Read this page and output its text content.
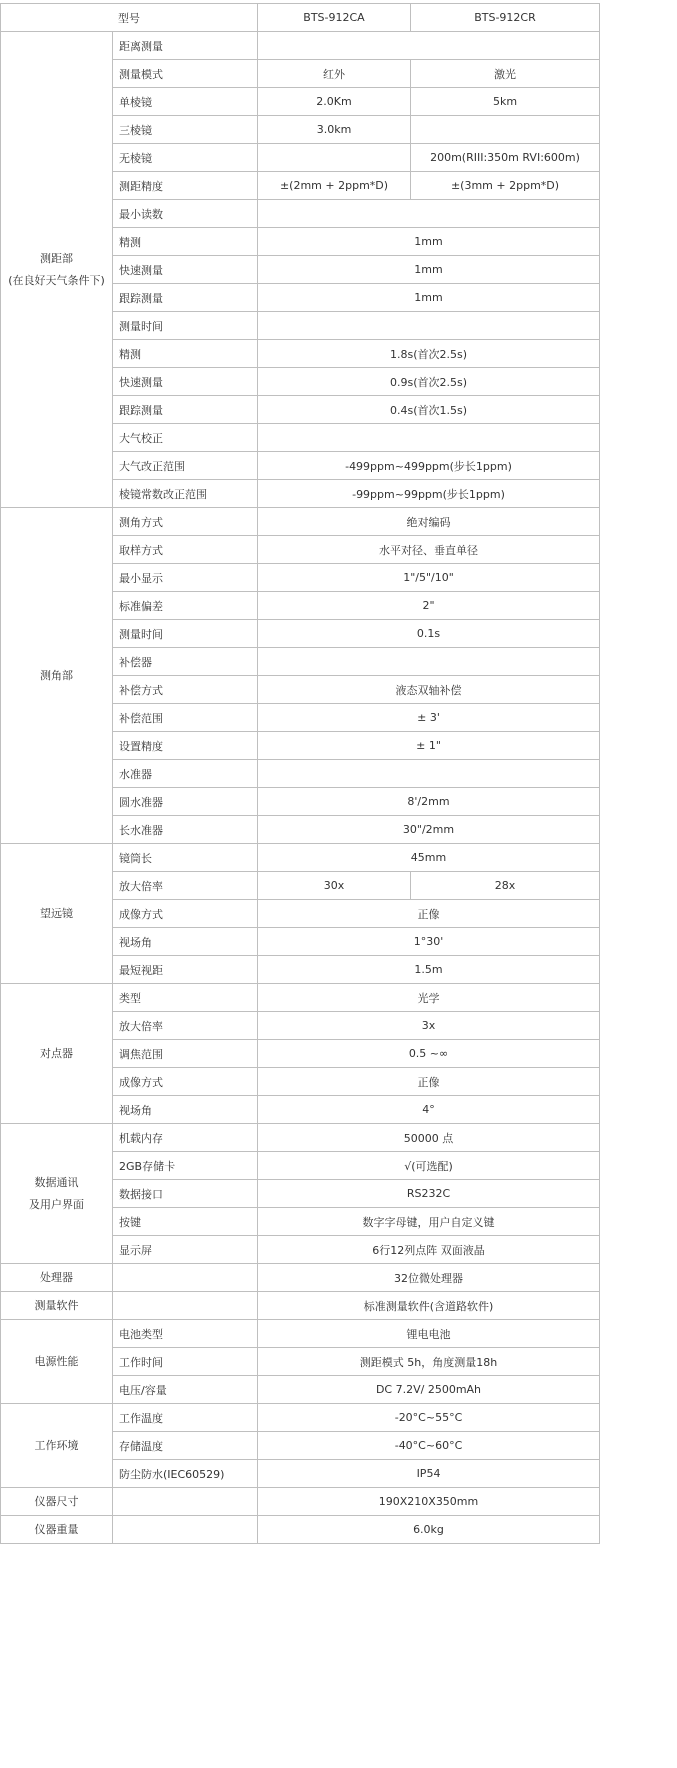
型号		BTS-912CA	BTS-912CR

测距部
(在良好天气条件下)	距离测量		
	测量模式	红外	激光
	单棱镜	2.0Km	5km
	三棱镜	3.0km	
	无棱镜		200m(RIII:350m RVI:600m)
	测距精度	±(2mm + 2ppm*D)	±(3mm + 2ppm*D)
	最小读数		
	精测	1mm	
	快速测量	1mm	
	跟踪测量	1mm	
	测量时间		
	精测	1.8s(首次2.5s)	
	快速测量	0.9s(首次2.5s)	
	跟踪测量	0.4s(首次1.5s)	
	大气校正		
	大气改正范围	-499ppm~499ppm(步长1ppm)	
	棱镜常数改正范围	-99ppm~99ppm(步长1ppm)	

测角部	测角方式	绝对编码	
	取样方式	水平对径、垂直单径	
	最小显示	1"/5"/10"	
	标准偏差	2"	
	测量时间	0.1s	
	补偿器		
	补偿方式	液态双轴补偿	
	补偿范围	± 3'	
	设置精度	± 1"	
	水准器		
	圆水准器	8'/2mm	
	长水准器	30"/2mm	

望远镜	镜筒长	45mm	
	放大倍率	30x	28x
	成像方式	正像	
	视场角	1°30'	
	最短视距	1.5m	

对点器	类型	光学	
	放大倍率	3x	
	调焦范围	0.5 ~∞	
	成像方式	正像	
	视场角	4°	

数据通讯
及用户界面	机载内存	50000 点	
	2GB存储卡	√(可选配)	
	数据接口	RS232C	
	按键	数字字母键，用户自定义键	
	显示屏	6行12列点阵 双面液晶	

处理器		32位微处理器	

测量软件		标准测量软件(含道路软件)	

电源性能	电池类型	锂电电池	
	工作时间	测距模式 5h，角度测量18h	
	电压/容量	DC 7.2V/ 2500mAh	

工作环境	工作温度	-20°C~55°C	
	存储温度	-40°C~60°C	
	防尘防水(IEC60529)	IP54	

仪器尺寸		190X210X350mm	

仪器重量		6.0kg	
